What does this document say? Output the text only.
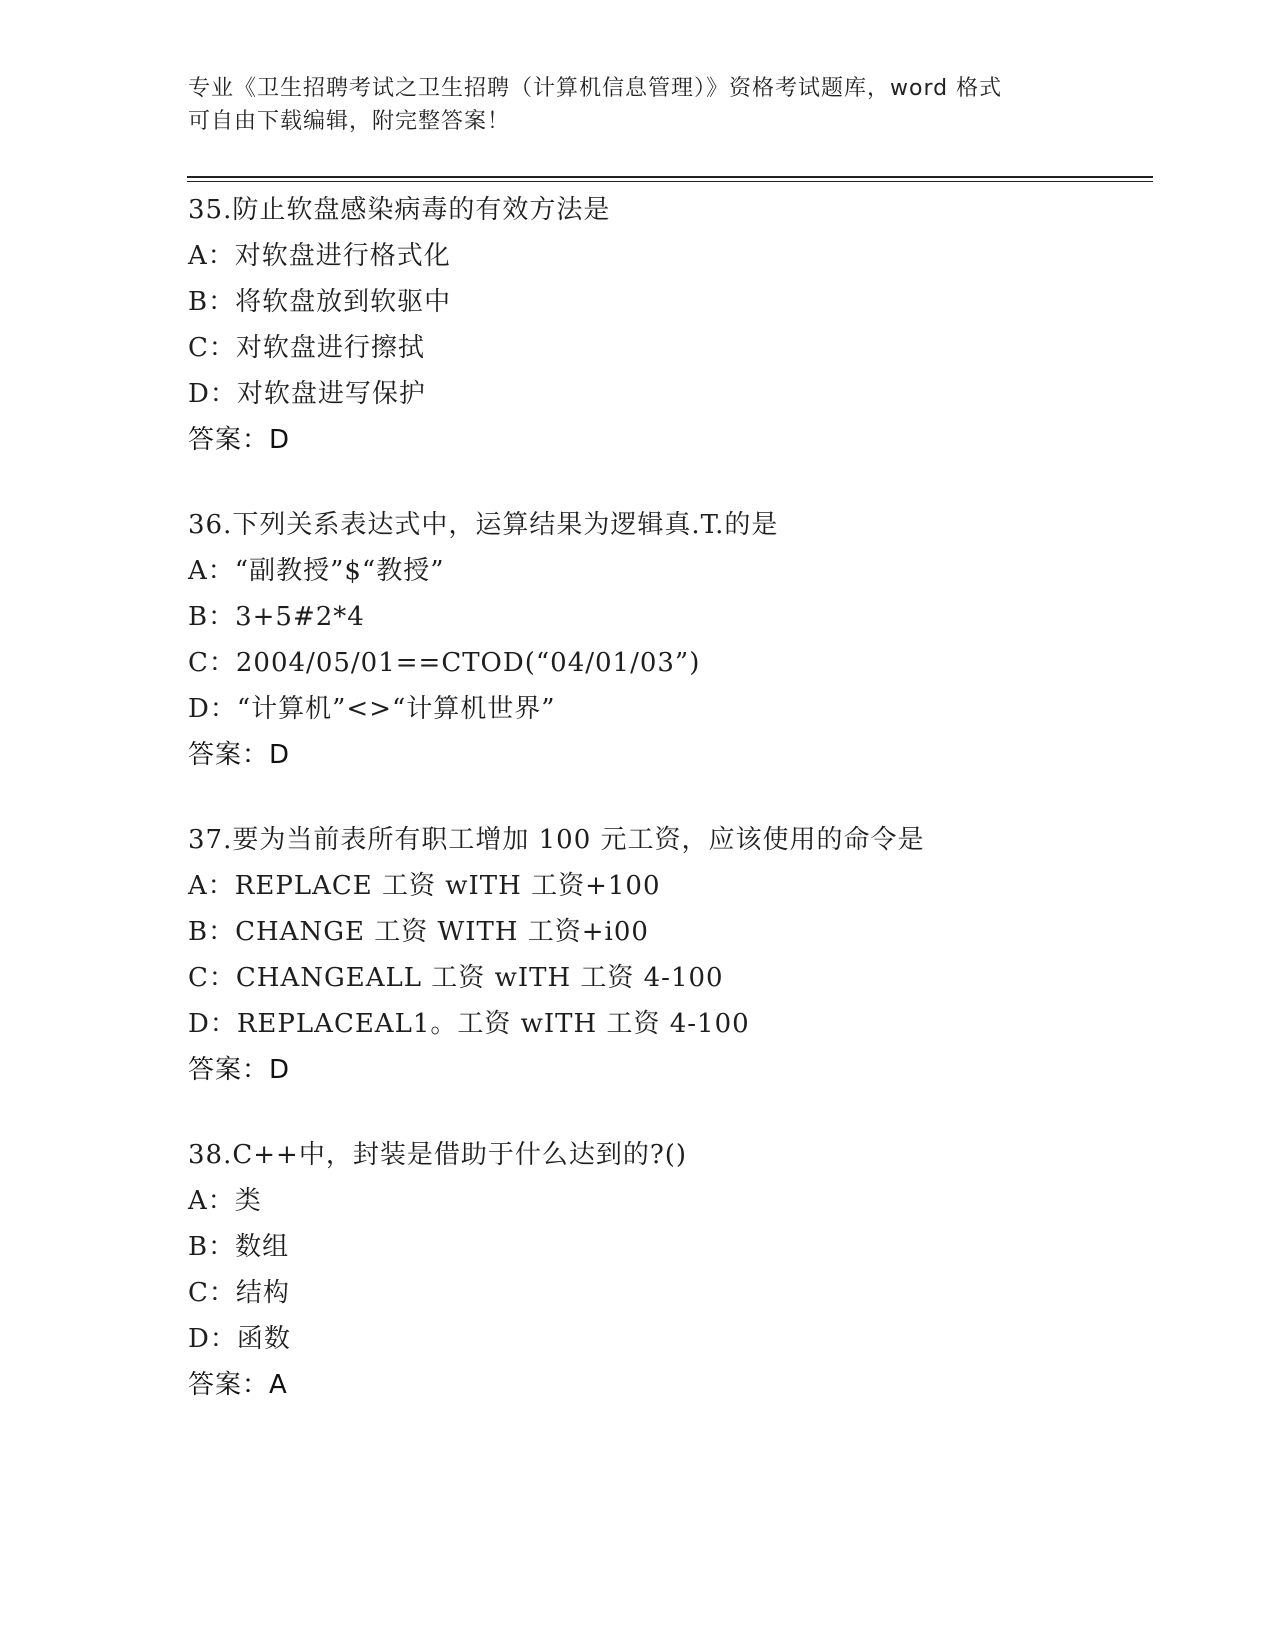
专业《卫生招聘考试之卫生招聘（计算机信息管理）》资格考试题库，word 格式
可自由下载编辑，附完整答案！
35.防止软盘感染病毒的有效方法是
A：对软盘进行格式化
B：将软盘放到软驱中
C：对软盘进行擦拭
D：对软盘进写保护
答案：D
36.下列关系表达式中，运算结果为逻辑真.T.的是
A：“副教授”$“教授”
B：3+5#2*4
C：2004/05/01==CTOD(“04/01/03”)
D：“计算机”<>“计算机世界”
答案：D
37.要为当前表所有职工增加 100 元工资，应该使用的命令是
A：REPLACE 工资 wITH 工资+100
B：CHANGE 工资 WITH 工资+i00
C：CHANGEALL 工资 wITH 工资 4-100
D：REPLACEAL1。工资 wITH 工资 4-100
答案：D
38.C++中，封装是借助于什么达到的?()
A：类
B：数组
C：结构
D：函数
答案：A
